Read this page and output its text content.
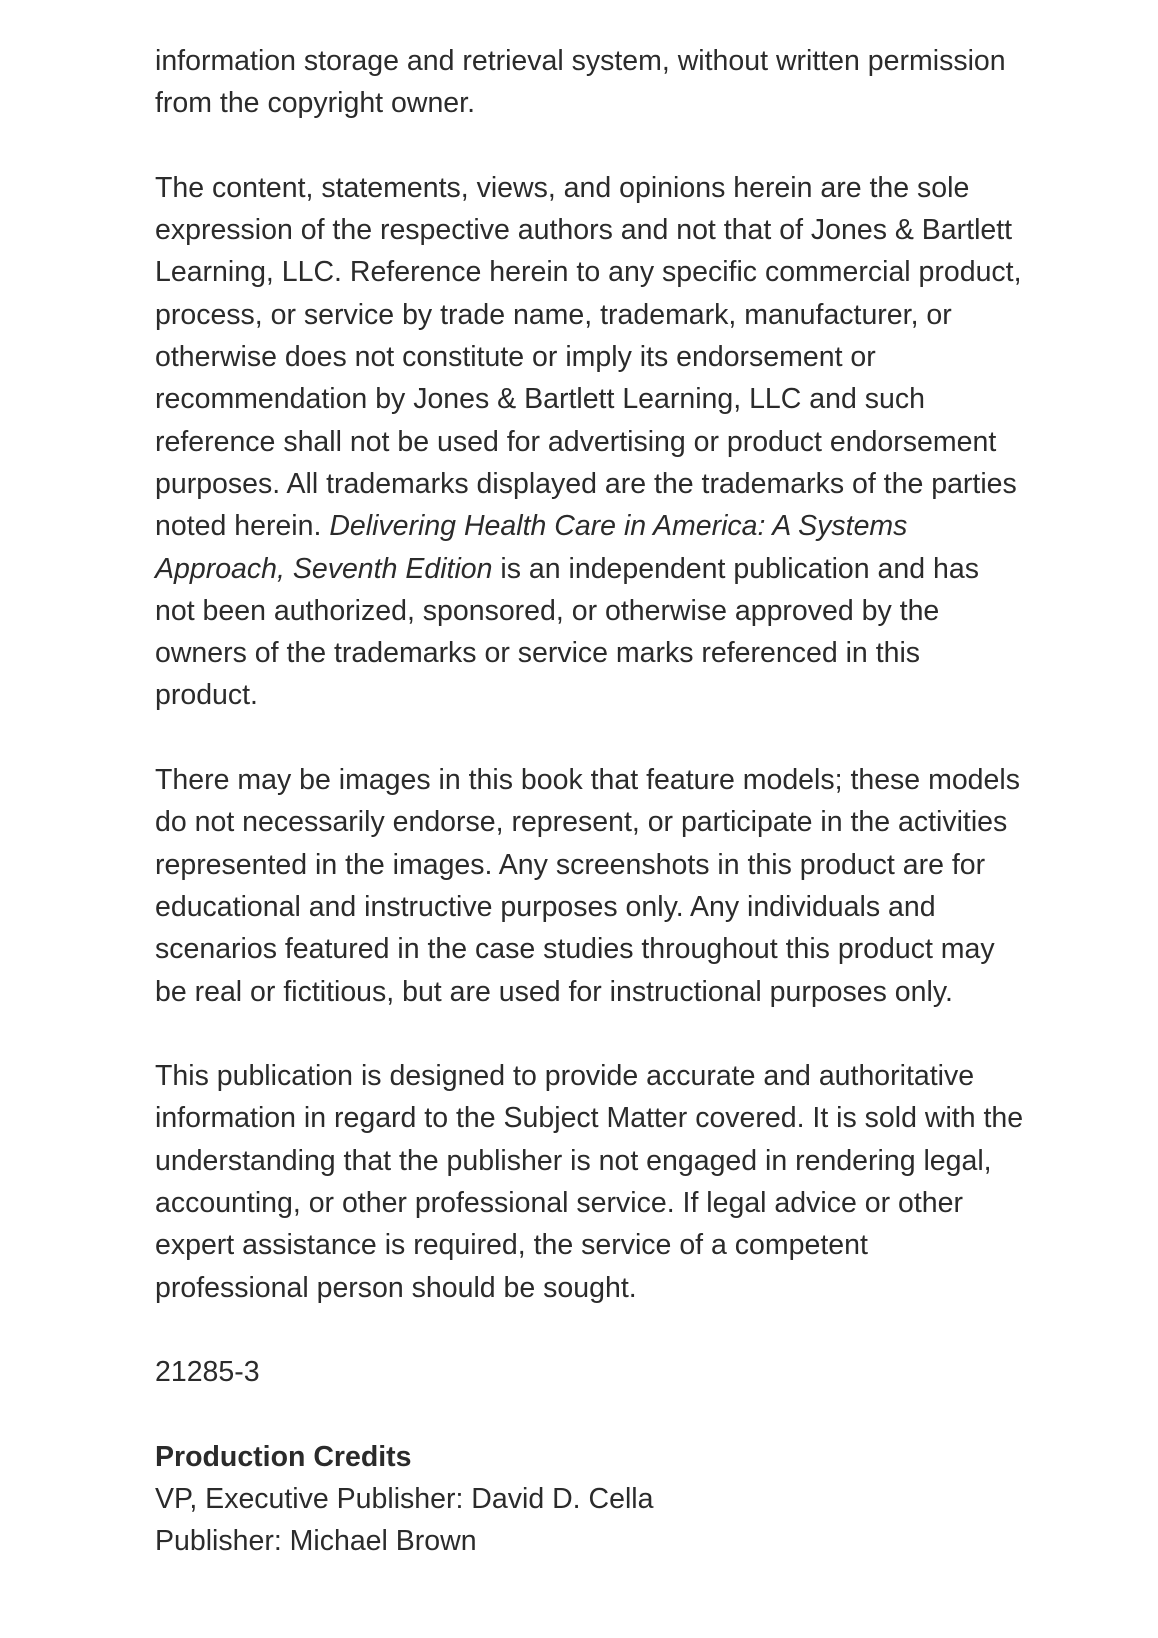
information storage and retrieval system, without written permission from the copyright owner.

The content, statements, views, and opinions herein are the sole expression of the respective authors and not that of Jones & Bartlett Learning, LLC. Reference herein to any specific commercial product, process, or service by trade name, trademark, manufacturer, or otherwise does not constitute or imply its endorsement or recommendation by Jones & Bartlett Learning, LLC and such reference shall not be used for advertising or product endorsement purposes. All trademarks displayed are the trademarks of the parties noted herein. Delivering Health Care in America: A Systems Approach, Seventh Edition is an independent publication and has not been authorized, sponsored, or otherwise approved by the owners of the trademarks or service marks referenced in this product.

There may be images in this book that feature models; these models do not necessarily endorse, represent, or participate in the activities represented in the images. Any screenshots in this product are for educational and instructive purposes only. Any individuals and scenarios featured in the case studies throughout this product may be real or fictitious, but are used for instructional purposes only.

This publication is designed to provide accurate and authoritative information in regard to the Subject Matter covered. It is sold with the understanding that the publisher is not engaged in rendering legal, accounting, or other professional service. If legal advice or other expert assistance is required, the service of a competent professional person should be sought.

21285-3

Production Credits

VP, Executive Publisher: David D. Cella

Publisher: Michael Brown
